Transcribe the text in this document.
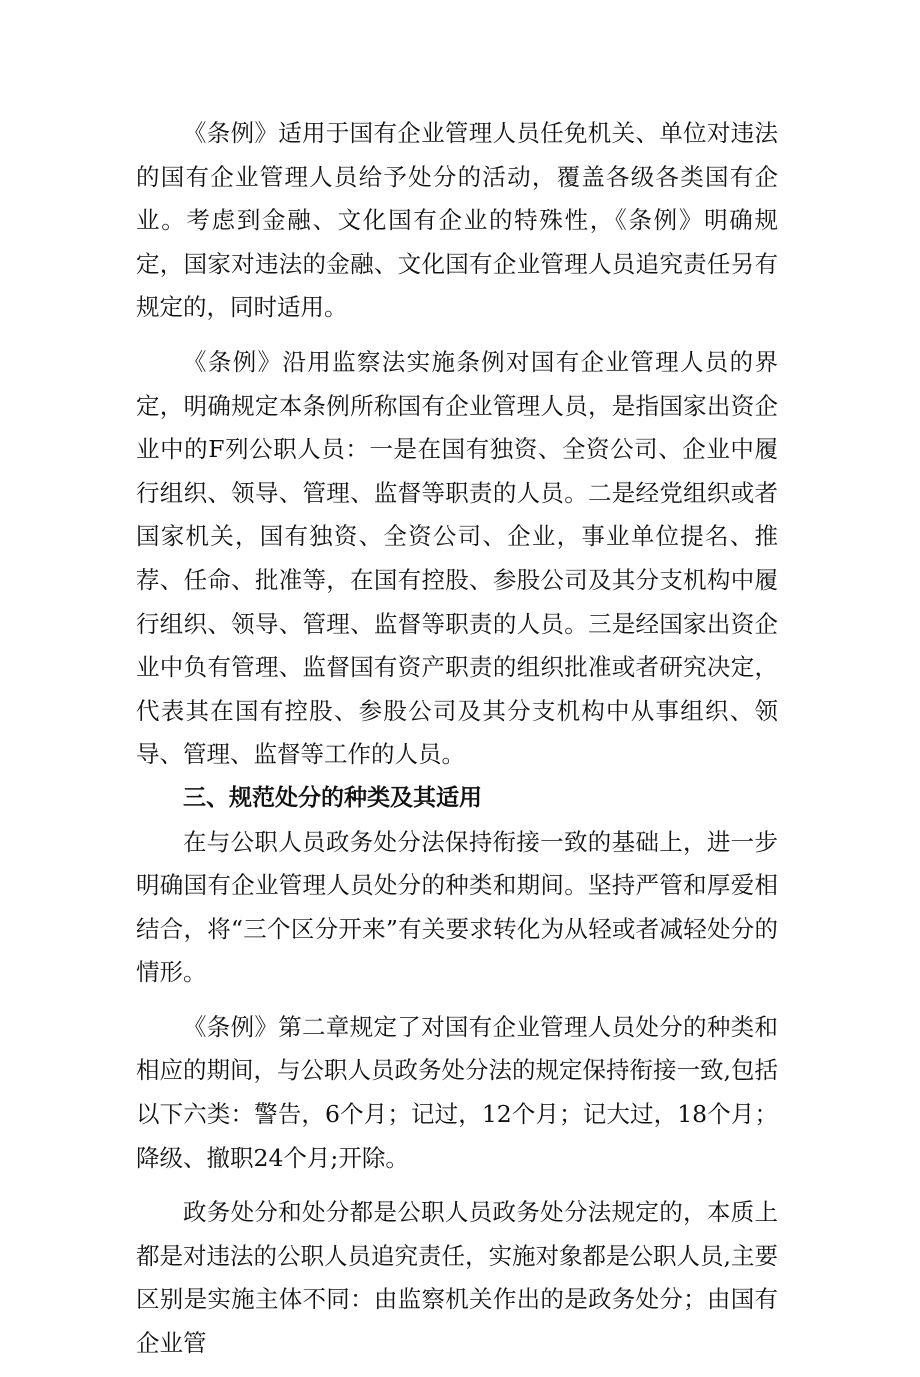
《条例》适用于国有企业管理人员任免机关、单位对违法的国有企业管理人员给予处分的活动，覆盖各级各类国有企业。考虑到金融、文化国有企业的特殊性，《条例》明确规定，国家对违法的金融、文化国有企业管理人员追究责任另有规定的，同时适用。

《条例》沿用监察法实施条例对国有企业管理人员的界定，明确规定本条例所称国有企业管理人员，是指国家出资企业中的F列公职人员：一是在国有独资、全资公司、企业中履行组织、领导、管理、监督等职责的人员。二是经党组织或者国家机关，国有独资、全资公司、企业，事业单位提名、推荐、任命、批准等，在国有控股、参股公司及其分支机构中履行组织、领导、管理、监督等职责的人员。三是经国家出资企业中负有管理、监督国有资产职责的组织批准或者研究决定，代表其在国有控股、参股公司及其分支机构中从事组织、领导、管理、监督等工作的人员。

三、规范处分的种类及其适用

在与公职人员政务处分法保持衔接一致的基础上，进一步明确国有企业管理人员处分的种类和期间。坚持严管和厚爱相结合，将“三个区分开来”有关要求转化为从轻或者减轻处分的情形。

《条例》第二章规定了对国有企业管理人员处分的种类和相应的期间，与公职人员政务处分法的规定保持衔接一致,包括以下六类：警告，6个月；记过，12个月；记大过，18个月；降级、撤职24个月;开除。

政务处分和处分都是公职人员政务处分法规定的，本质上都是对违法的公职人员追究责任，实施对象都是公职人员,主要区别是实施主体不同：由监察机关作出的是政务处分；由国有企业管
